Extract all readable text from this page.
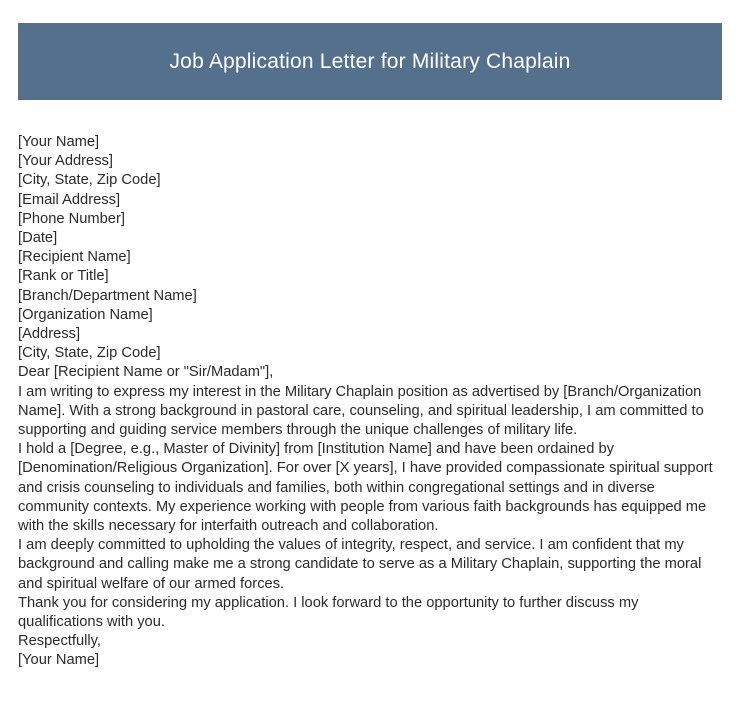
Job Application Letter for Military Chaplain
[Your Name]
[Your Address]
[City, State, Zip Code]
[Email Address]
[Phone Number]
[Date]
[Recipient Name]
[Rank or Title]
[Branch/Department Name]
[Organization Name]
[Address]
[City, State, Zip Code]
Dear [Recipient Name or "Sir/Madam"],

I am writing to express my interest in the Military Chaplain position as advertised by [Branch/Organization Name]. With a strong background in pastoral care, counseling, and spiritual leadership, I am committed to supporting and guiding service members through the unique challenges of military life.

I hold a [Degree, e.g., Master of Divinity] from [Institution Name] and have been ordained by [Denomination/Religious Organization]. For over [X years], I have provided compassionate spiritual support and crisis counseling to individuals and families, both within congregational settings and in diverse community contexts. My experience working with people from various faith backgrounds has equipped me with the skills necessary for interfaith outreach and collaboration.

I am deeply committed to upholding the values of integrity, respect, and service. I am confident that my background and calling make me a strong candidate to serve as a Military Chaplain, supporting the moral and spiritual welfare of our armed forces.

Thank you for considering my application. I look forward to the opportunity to further discuss my qualifications with you.

Respectfully,
[Your Name]
